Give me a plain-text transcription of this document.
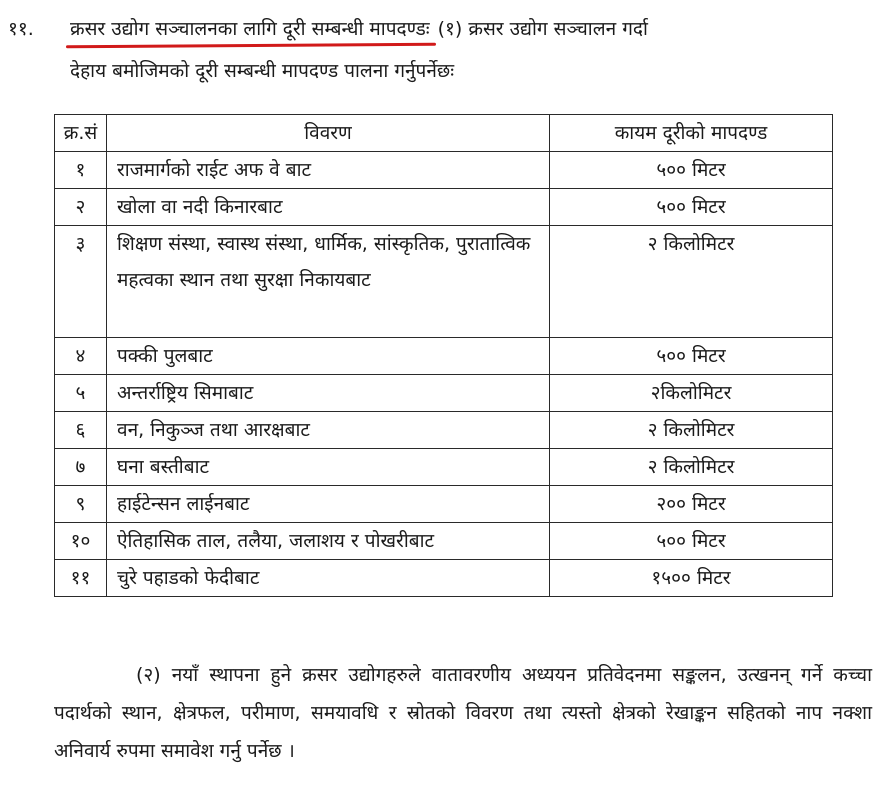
११. क्रसर उद्योग सञ्चालनका लागि दूरी सम्बन्धी मापदण्डः (१) क्रसर उद्योग सञ्चालन गर्दा
देहाय बमोजिमको दूरी सम्बन्धी मापदण्ड पालना गर्नुपर्नेछः
क्र.सं	विवरण	कायम दूरीको मापदण्ड
१	राजमार्गको राईट अफ वे बाट	५०० मिटर
२	खोला वा नदी किनारबाट	५०० मिटर
३	शिक्षण संस्था, स्वास्थ संस्था, धार्मिक, सांस्कृतिक, पुरातात्विक महत्वका स्थान तथा सुरक्षा निकायबाट	२ किलोमिटर
४	पक्की पुलबाट	५०० मिटर
५	अन्तर्राष्ट्रिय सिमाबाट	२किलोमिटर
६	वन, निकुञ्ज तथा आरक्षबाट	२ किलोमिटर
७	घना बस्तीबाट	२ किलोमिटर
९	हाईटेन्सन लाईनबाट	२०० मिटर
१०	ऐतिहासिक ताल, तलैया, जलाशय र पोखरीबाट	५०० मिटर
११	चुरे पहाडको फेदीबाट	१५०० मिटर
(२) नयाँ स्थापना हुने क्रसर उद्योगहरुले वातावरणीय अध्ययन प्रतिवेदनमा सङ्कलन, उत्खनन् गर्ने कच्चा पदार्थको स्थान, क्षेत्रफल, परीमाण, समयावधि र स्रोतको विवरण तथा त्यस्तो क्षेत्रको रेखाङ्कन सहितको नाप नक्शा अनिवार्य रुपमा समावेश गर्नु पर्नेछ ।
